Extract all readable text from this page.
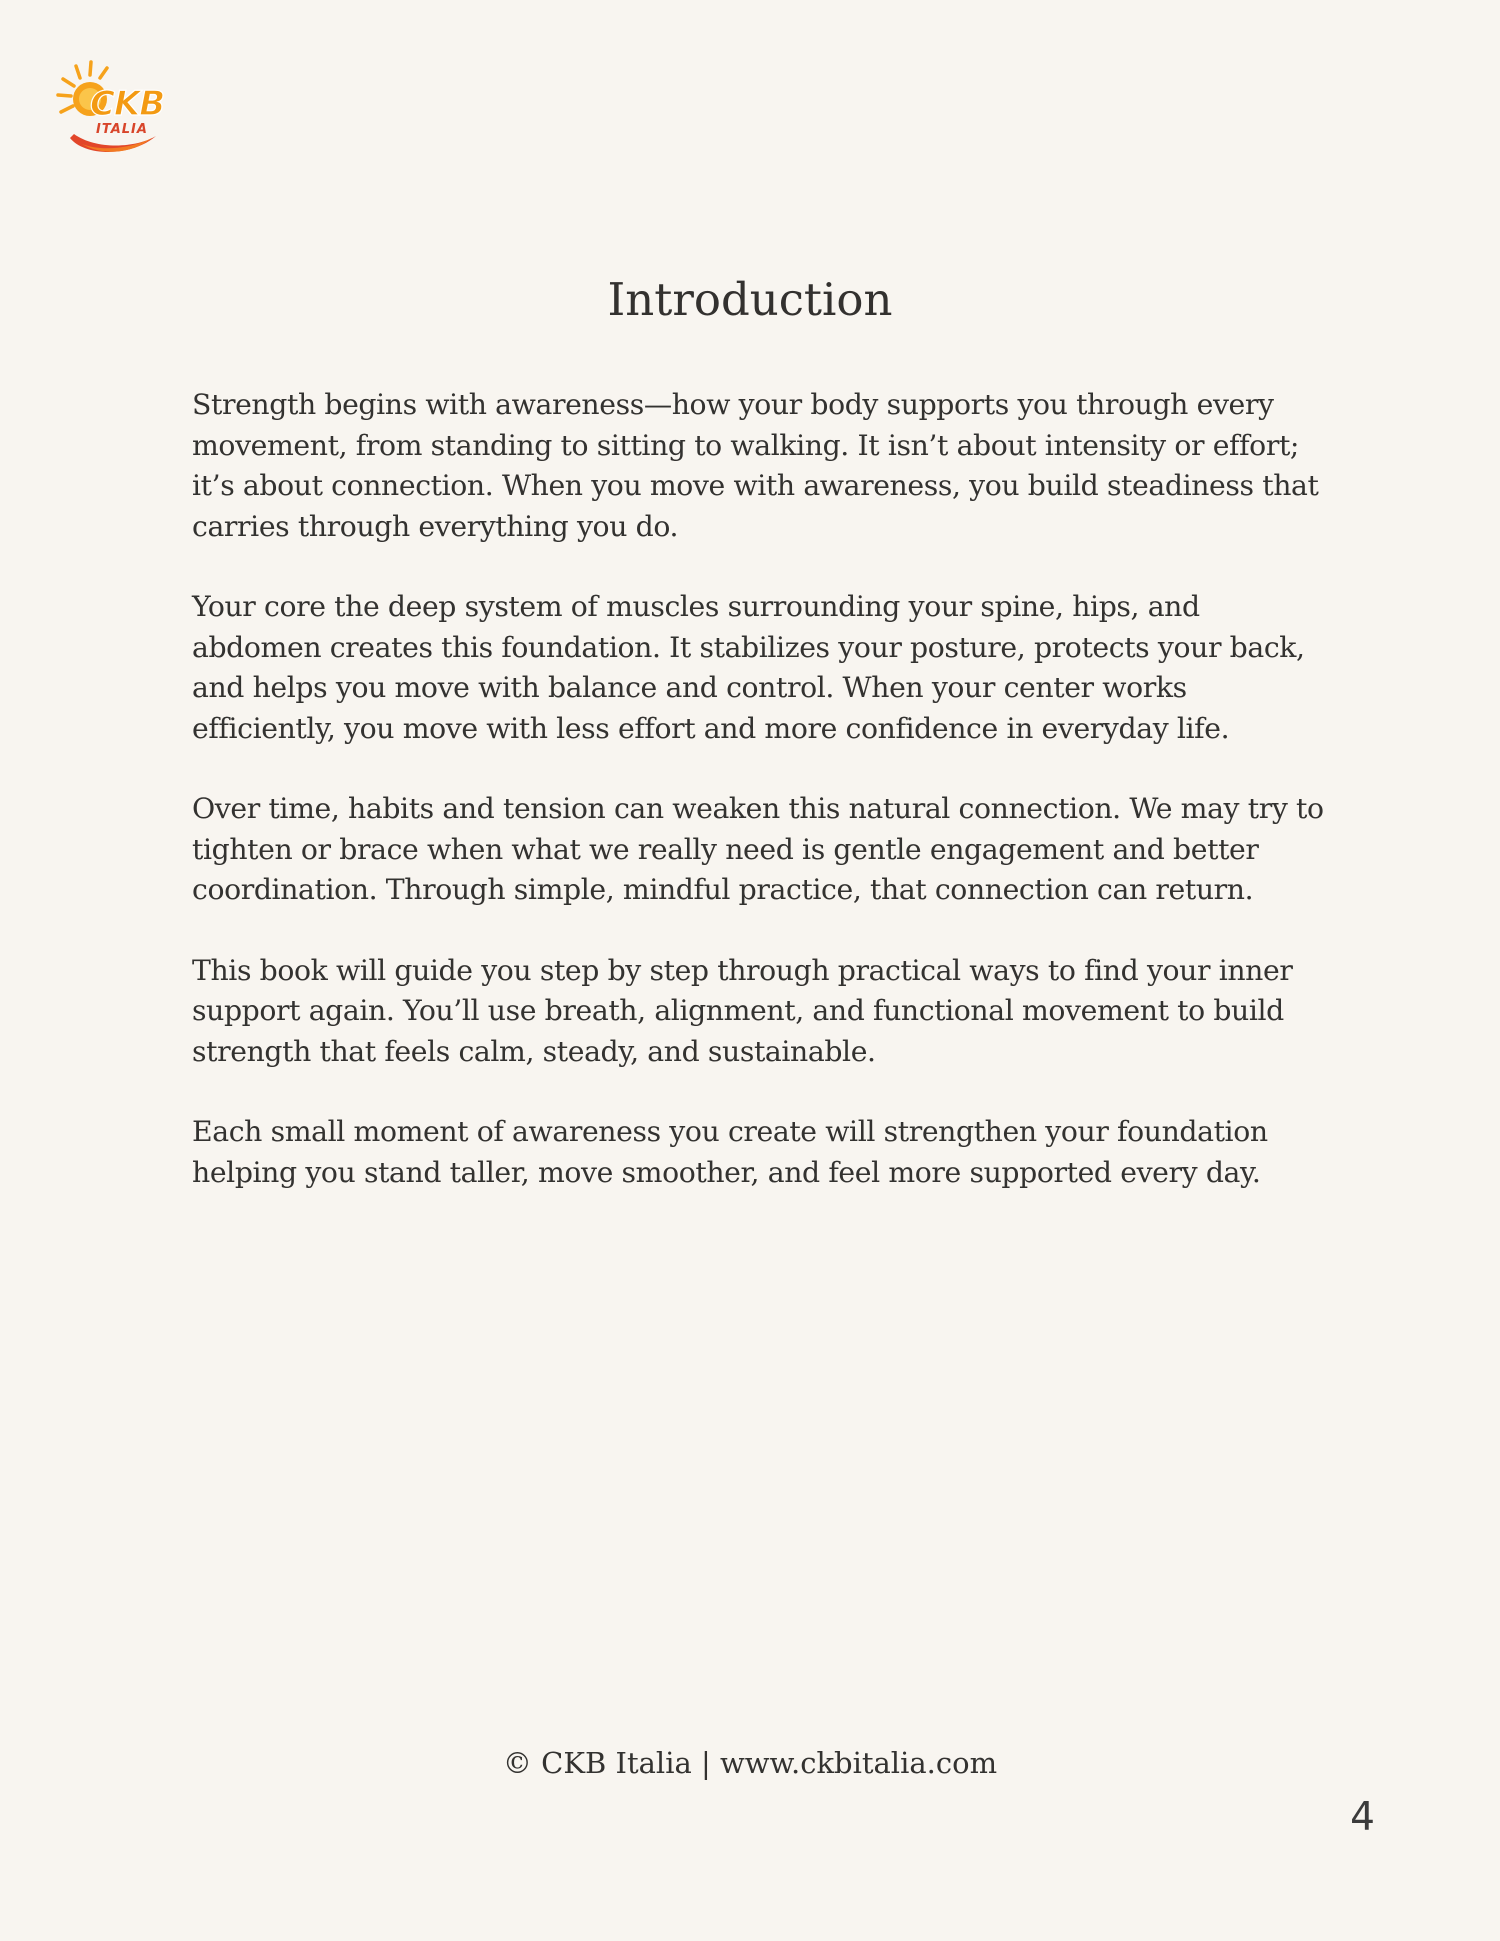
CKB
ITALIA
Introduction

Strength begins with awareness—how your body supports you through every movement, from standing to sitting to walking. It isn’t about intensity or effort; it’s about connection. When you move with awareness, you build steadiness that carries through everything you do.

Your core the deep system of muscles surrounding your spine, hips, and abdomen creates this foundation. It stabilizes your posture, protects your back, and helps you move with balance and control. When your center works efficiently, you move with less effort and more confidence in everyday life.

Over time, habits and tension can weaken this natural connection. We may try to tighten or brace when what we really need is gentle engagement and better coordination. Through simple, mindful practice, that connection can return.

This book will guide you step by step through practical ways to find your inner support again. You’ll use breath, alignment, and functional movement to build strength that feels calm, steady, and sustainable.

Each small moment of awareness you create will strengthen your foundation helping you stand taller, move smoother, and feel more supported every day.

© CKB Italia | www.ckbitalia.com
4
